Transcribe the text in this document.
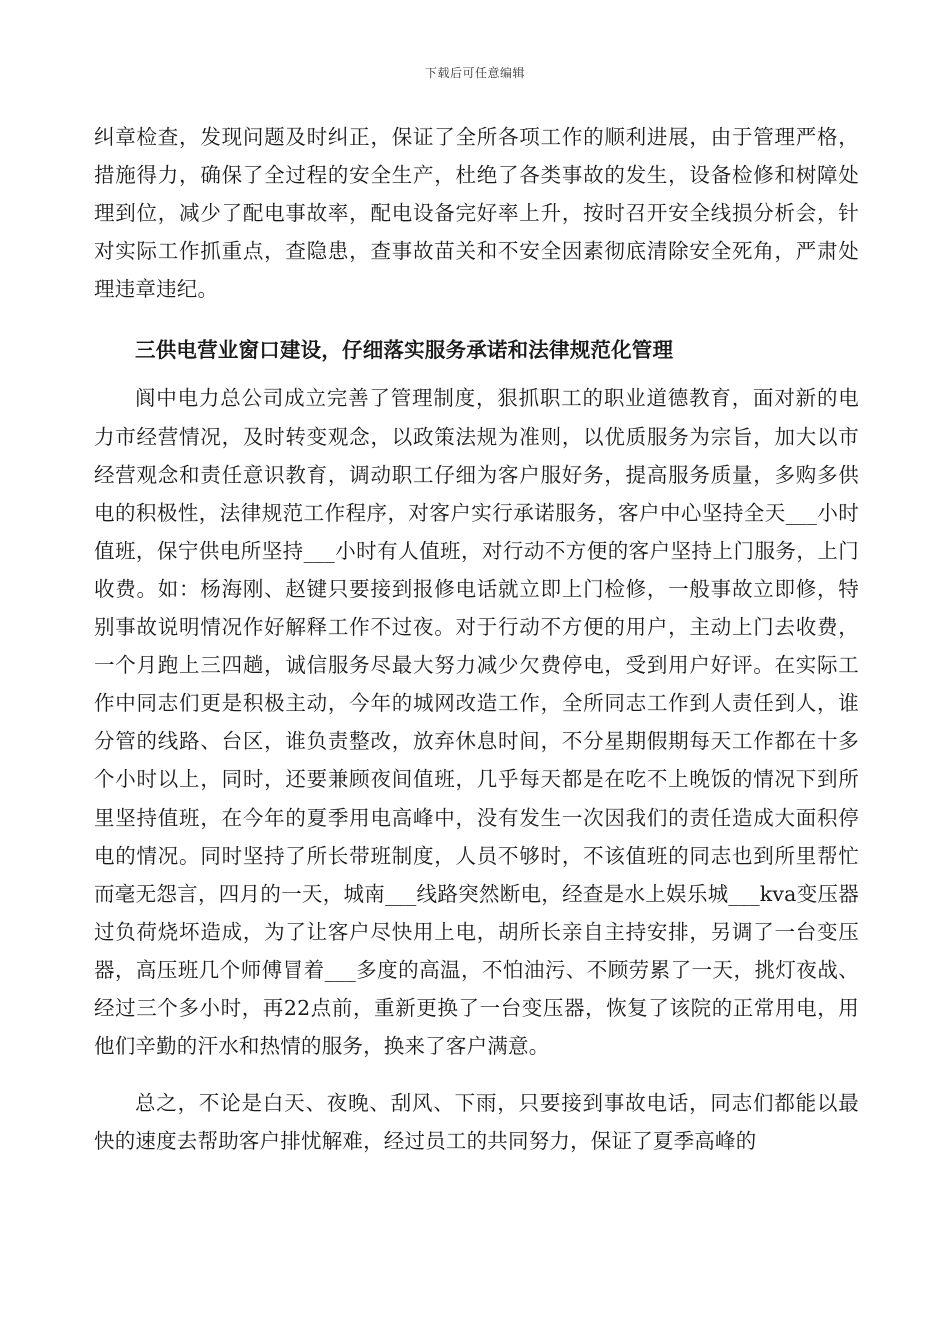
下载后可任意编辑

纠章检查，发现问题及时纠正，保证了全所各项工作的顺利进展，由于管理严格，措施得力，确保了全过程的安全生产，杜绝了各类事故的发生，设备检修和树障处理到位，减少了配电事故率，配电设备完好率上升，按时召开安全线损分析会，针对实际工作抓重点，查隐患，查事故苗关和不安全因素彻底清除安全死角，严肃处理违章违纪。

三供电营业窗口建设，仔细落实服务承诺和法律规范化管理

阆中电力总公司成立完善了管理制度，狠抓职工的职业道德教育，面对新的电力市经营情况，及时转变观念，以政策法规为准则，以优质服务为宗旨，加大以市经营观念和责任意识教育，调动职工仔细为客户服好务，提高服务质量，多购多供电的积极性，法律规范工作程序，对客户实行承诺服务，客户中心坚持全天___小时值班，保宁供电所坚持___小时有人值班，对行动不方便的客户坚持上门服务，上门收费。如：杨海刚、赵键只要接到报修电话就立即上门检修，一般事故立即修，特别事故说明情况作好解释工作不过夜。对于行动不方便的用户，主动上门去收费，一个月跑上三四趟，诚信服务尽最大努力减少欠费停电，受到用户好评。在实际工作中同志们更是积极主动，今年的城网改造工作，全所同志工作到人责任到人，谁分管的线路、台区，谁负责整改，放弃休息时间，不分星期假期每天工作都在十多个小时以上，同时，还要兼顾夜间值班，几乎每天都是在吃不上晚饭的情况下到所里坚持值班，在今年的夏季用电高峰中，没有发生一次因我们的责任造成大面积停电的情况。同时坚持了所长带班制度，人员不够时，不该值班的同志也到所里帮忙而毫无怨言，四月的一天，城南___线路突然断电，经查是水上娱乐城___kva变压器过负荷烧坏造成，为了让客户尽快用上电，胡所长亲自主持安排，另调了一台变压器，高压班几个师傅冒着___多度的高温，不怕油污、不顾劳累了一天，挑灯夜战、经过三个多小时，再22点前，重新更换了一台变压器，恢复了该院的正常用电，用他们辛勤的汗水和热情的服务，换来了客户满意。

总之，不论是白天、夜晚、刮风、下雨，只要接到事故电话，同志们都能以最快的速度去帮助客户排忧解难，经过员工的共同努力，保证了夏季高峰的
